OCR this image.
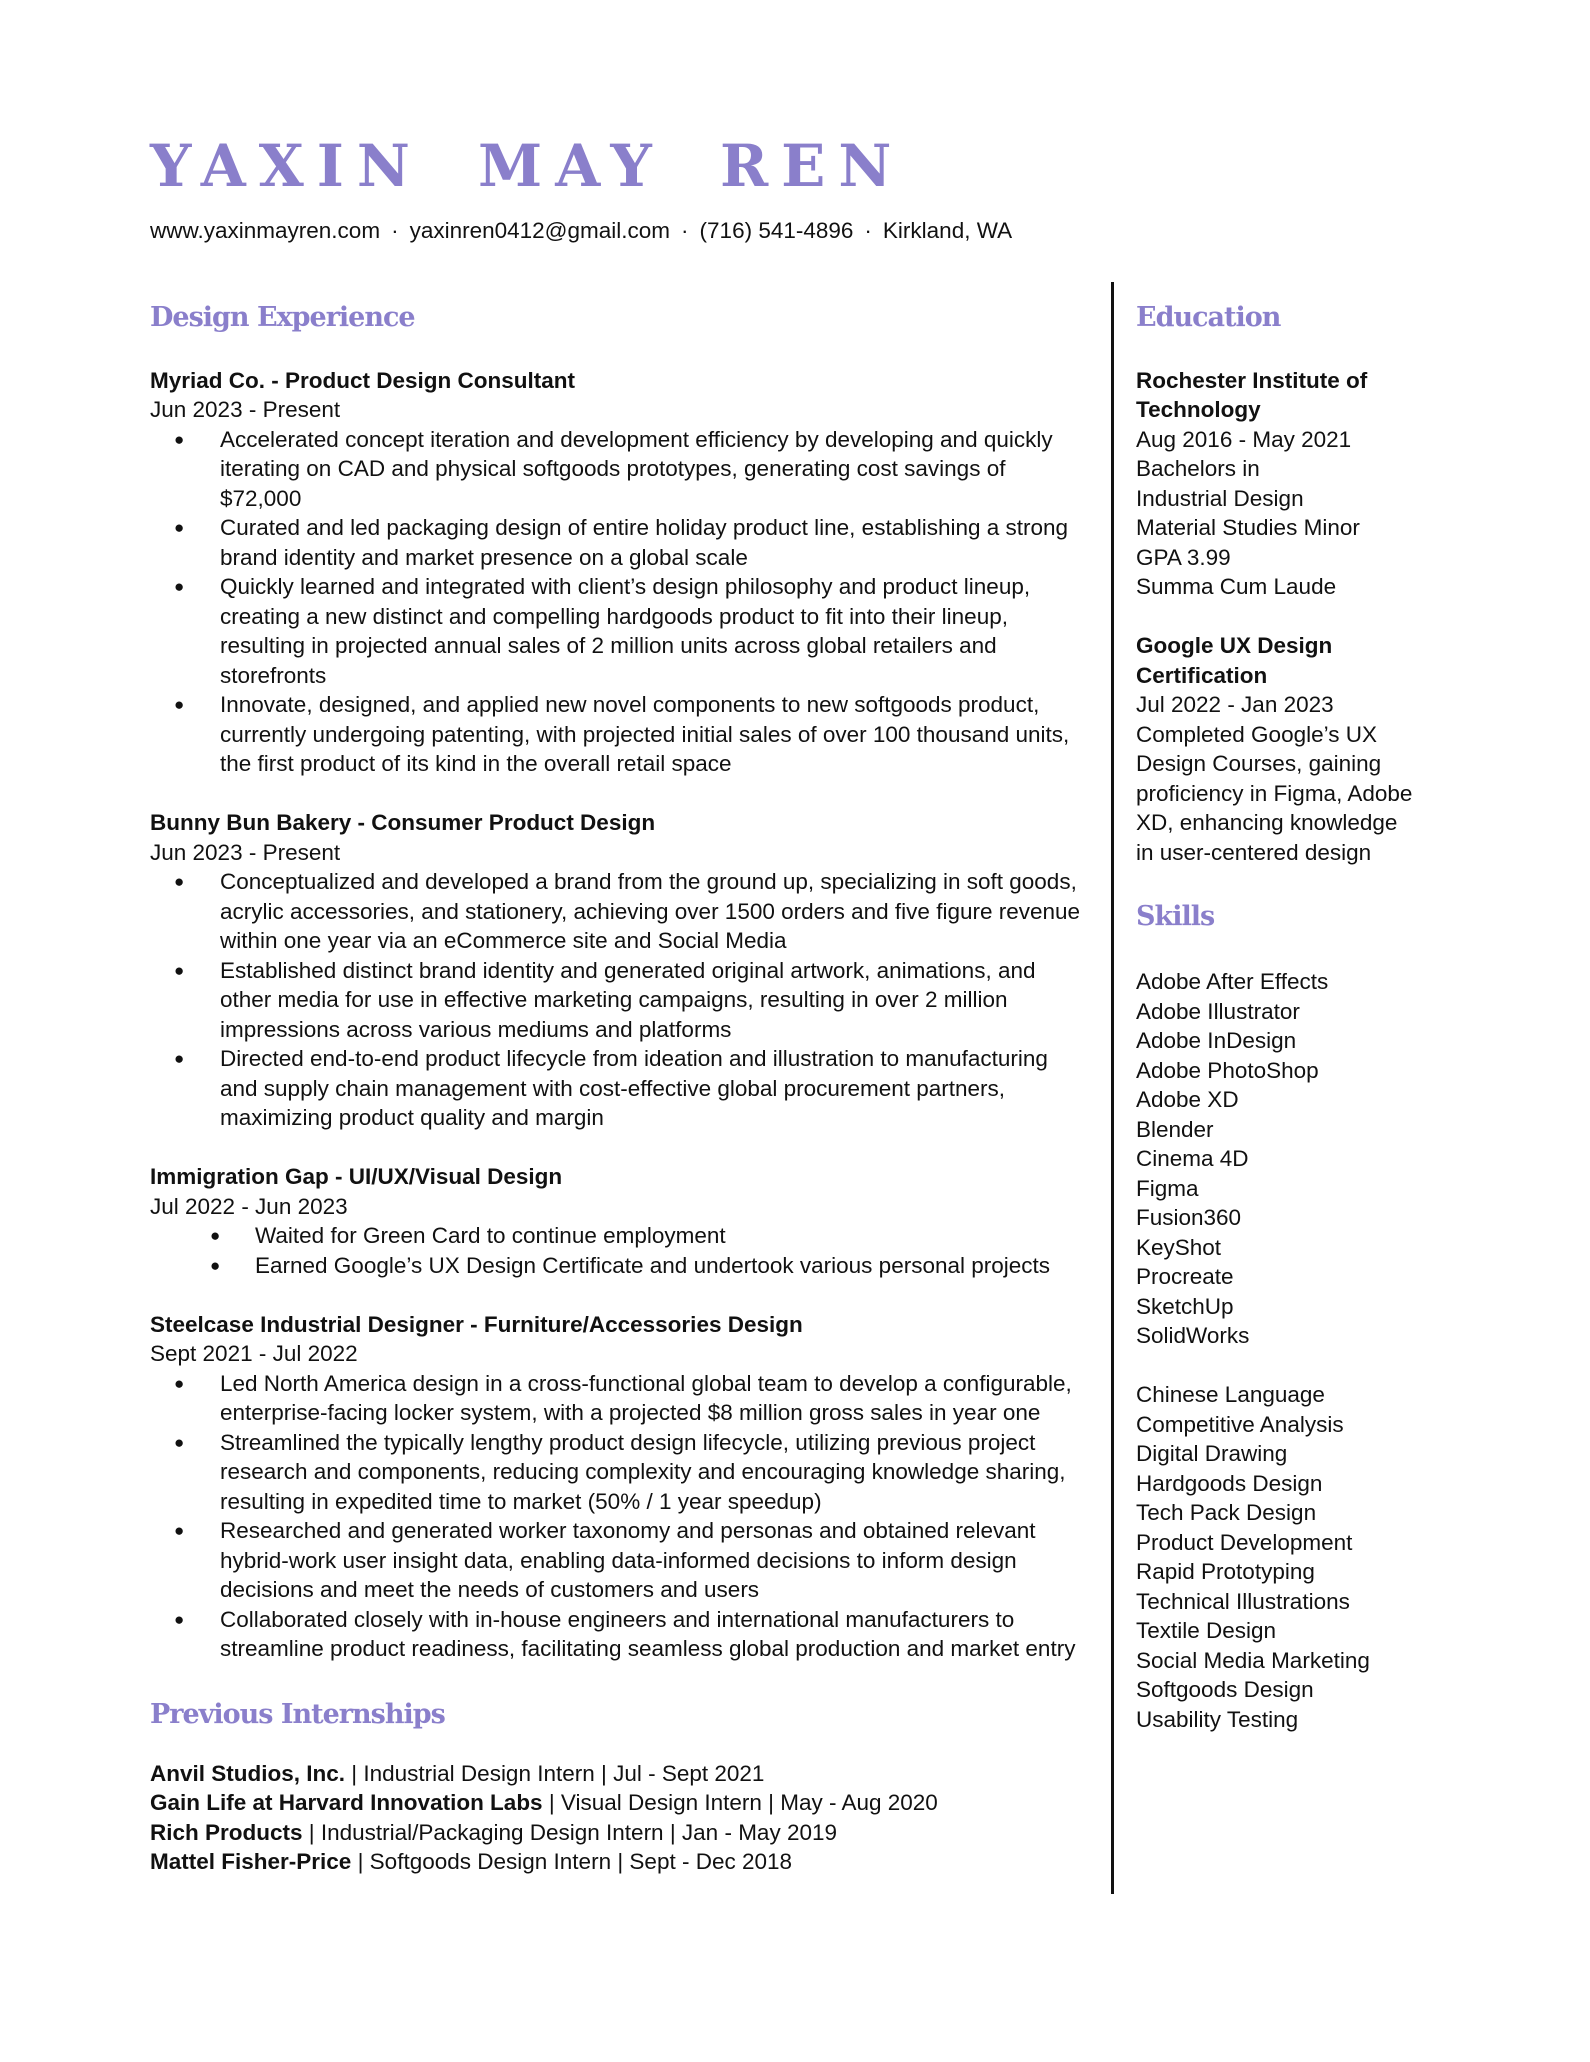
YAXIN MAY REN
www.yaxinmayren.com · yaxinren0412@gmail.com · (716) 541-4896 · Kirkland, WA
Design Experience
Myriad Co. - Product Design Consultant
Jun 2023 - Present
● Accelerated concept iteration and development efficiency by developing and quickly
iterating on CAD and physical softgoods prototypes, generating cost savings of
$72,000
● Curated and led packaging design of entire holiday product line, establishing a strong
brand identity and market presence on a global scale
● Quickly learned and integrated with client’s design philosophy and product lineup,
creating a new distinct and compelling hardgoods product to fit into their lineup,
resulting in projected annual sales of 2 million units across global retailers and
storefronts
● Innovate, designed, and applied new novel components to new softgoods product,
currently undergoing patenting, with projected initial sales of over 100 thousand units,
the first product of its kind in the overall retail space
Bunny Bun Bakery - Consumer Product Design
Jun 2023 - Present
● Conceptualized and developed a brand from the ground up, specializing in soft goods,
acrylic accessories, and stationery, achieving over 1500 orders and five figure revenue
within one year via an eCommerce site and Social Media
● Established distinct brand identity and generated original artwork, animations, and
other media for use in effective marketing campaigns, resulting in over 2 million
impressions across various mediums and platforms
● Directed end-to-end product lifecycle from ideation and illustration to manufacturing
and supply chain management with cost-effective global procurement partners,
maximizing product quality and margin
Immigration Gap - UI/UX/Visual Design
Jul 2022 - Jun 2023
● Waited for Green Card to continue employment
● Earned Google’s UX Design Certificate and undertook various personal projects
Steelcase Industrial Designer - Furniture/Accessories Design
Sept 2021 - Jul 2022
● Led North America design in a cross-functional global team to develop a configurable,
enterprise-facing locker system, with a projected $8 million gross sales in year one
● Streamlined the typically lengthy product design lifecycle, utilizing previous project
research and components, reducing complexity and encouraging knowledge sharing,
resulting in expedited time to market (50% / 1 year speedup)
● Researched and generated worker taxonomy and personas and obtained relevant
hybrid-work user insight data, enabling data-informed decisions to inform design
decisions and meet the needs of customers and users
● Collaborated closely with in-house engineers and international manufacturers to
streamline product readiness, facilitating seamless global production and market entry
Previous Internships
Anvil Studios, Inc. | Industrial Design Intern | Jul - Sept 2021
Gain Life at Harvard Innovation Labs | Visual Design Intern | May - Aug 2020
Rich Products | Industrial/Packaging Design Intern | Jan - May 2019
Mattel Fisher-Price | Softgoods Design Intern | Sept - Dec 2018
Education
Rochester Institute of
Technology
Aug 2016 - May 2021
Bachelors in
Industrial Design
Material Studies Minor
GPA 3.99
Summa Cum Laude
Google UX Design
Certification
Jul 2022 - Jan 2023
Completed Google’s UX
Design Courses, gaining
proficiency in Figma, Adobe
XD, enhancing knowledge
in user-centered design
Skills
Adobe After Effects
Adobe Illustrator
Adobe InDesign
Adobe PhotoShop
Adobe XD
Blender
Cinema 4D
Figma
Fusion360
KeyShot
Procreate
SketchUp
SolidWorks
Chinese Language
Competitive Analysis
Digital Drawing
Hardgoods Design
Tech Pack Design
Product Development
Rapid Prototyping
Technical Illustrations
Textile Design
Social Media Marketing
Softgoods Design
Usability Testing
